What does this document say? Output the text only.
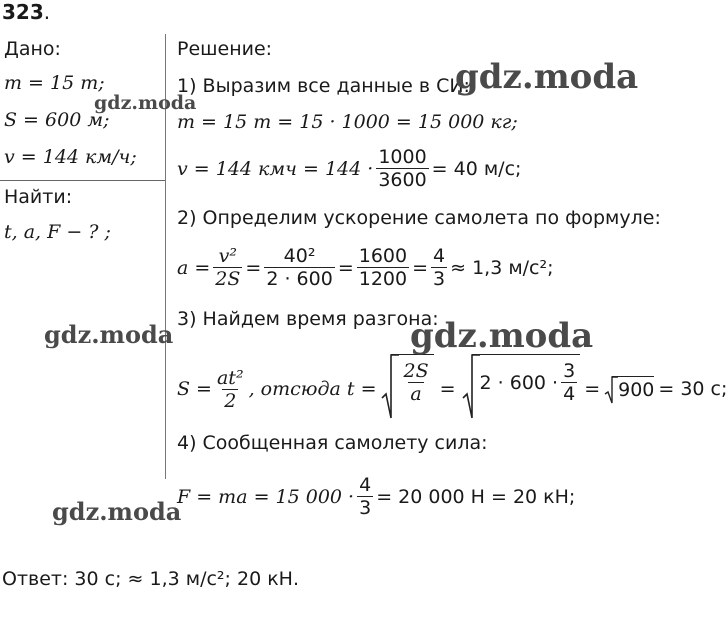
323.
Дано:
m = 15 т;
S = 600 м;
v = 144 км/ч;
Найти:
t, a, F − ? ;
Решение:
1) Выразим все данные в СИ:
m = 15 т = 15 · 1000 = 15 000 кг;
v = 144 кмч = $144 \cdot \frac{1000}{3600} = 40$ м/с;
2) Определим ускорение самолета по формуле:
$a = \frac{\text{v²}}{2S} = \frac{\text{40²}}{2 \cdot 600} = \frac{1600}{1200} = \frac{4}{3} \approx 1,3$ м/с²;
3) Найдем время разгона:
$S = \frac{\text{at²}}{2}$ , отсюда $t = \frac{2S}{a} = 2 \cdot 600 \cdot \frac{3}{4} = 900 = 30$ с;
4) Сообщенная самолету сила:
F = ma = 15 $000 \cdot \frac{4}{3} = 20$ 000 Н = 20 кН;
Ответ: 30 с; ≈ 1,3 м/с²; 20 кН.
gdz.moda
gdz.moda
gdz.moda	gdz.moda
gdz.moda
